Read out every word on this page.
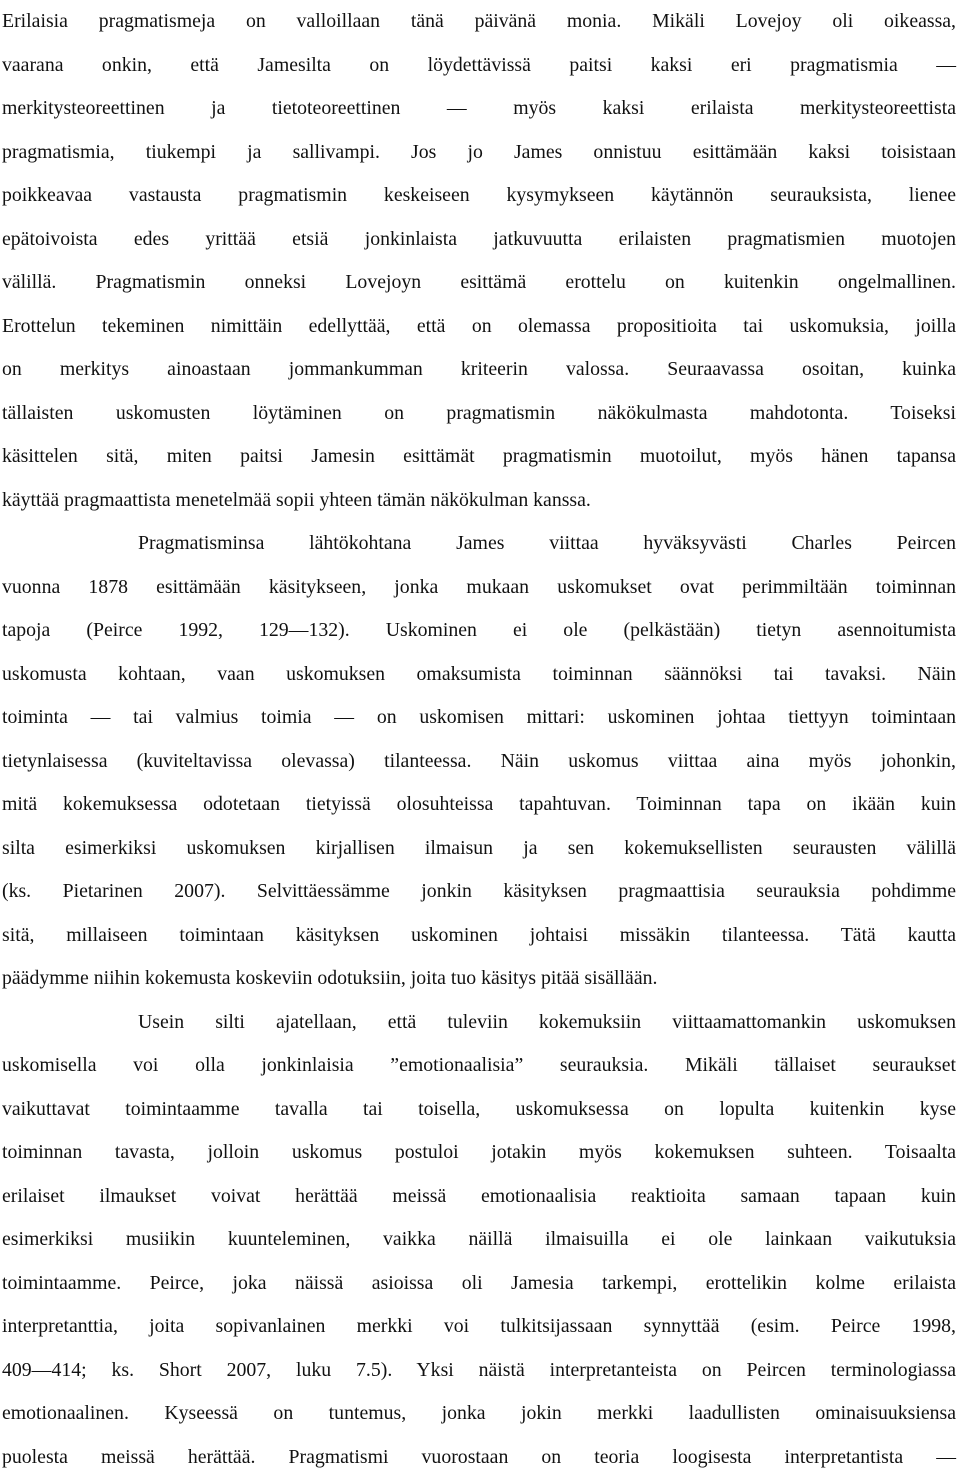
Erilaisia pragmatismeja on valloillaan tänä päivänä monia. Mikäli Lovejoy oli oikeassa,
vaarana onkin, että Jamesilta on löydettävissä paitsi kaksi eri pragmatismia —
merkitysteoreettinen ja tietoteoreettinen — myös kaksi erilaista merkitysteoreettista
pragmatismia, tiukempi ja sallivampi. Jos jo James onnistuu esittämään kaksi toisistaan
poikkeavaa vastausta pragmatismin keskeiseen kysymykseen käytännön seurauksista, lienee
epätoivoista edes yrittää etsiä jonkinlaista jatkuvuutta erilaisten pragmatismien muotojen
välillä. Pragmatismin onneksi Lovejoyn esittämä erottelu on kuitenkin ongelmallinen.
Erottelun tekeminen nimittäin edellyttää, että on olemassa propositioita tai uskomuksia, joilla
on merkitys ainoastaan jommankumman kriteerin valossa. Seuraavassa osoitan, kuinka
tällaisten uskomusten löytäminen on pragmatismin näkökulmasta mahdotonta. Toiseksi
käsittelen sitä, miten paitsi Jamesin esittämät pragmatismin muotoilut, myös hänen tapansa
käyttää pragmaattista menetelmää sopii yhteen tämän näkökulman kanssa.
Pragmatisminsa lähtökohtana James viittaa hyväksyvästi Charles Peircen
vuonna 1878 esittämään käsitykseen, jonka mukaan uskomukset ovat perimmiltään toiminnan
tapoja (Peirce 1992, 129—132). Uskominen ei ole (pelkästään) tietyn asennoitumista
uskomusta kohtaan, vaan uskomuksen omaksumista toiminnan säännöksi tai tavaksi. Näin
toiminta — tai valmius toimia — on uskomisen mittari: uskominen johtaa tiettyyn toimintaan
tietynlaisessa (kuviteltavissa olevassa) tilanteessa. Näin uskomus viittaa aina myös johonkin,
mitä kokemuksessa odotetaan tietyissä olosuhteissa tapahtuvan. Toiminnan tapa on ikään kuin
silta esimerkiksi uskomuksen kirjallisen ilmaisun ja sen kokemuksellisten seurausten välillä
(ks. Pietarinen 2007). Selvittäessämme jonkin käsityksen pragmaattisia seurauksia pohdimme
sitä, millaiseen toimintaan käsityksen uskominen johtaisi missäkin tilanteessa. Tätä kautta
päädymme niihin kokemusta koskeviin odotuksiin, joita tuo käsitys pitää sisällään.
Usein silti ajatellaan, että tuleviin kokemuksiin viittaamattomankin uskomuksen
uskomisella voi olla jonkinlaisia ”emotionaalisia” seurauksia. Mikäli tällaiset seuraukset
vaikuttavat toimintaamme tavalla tai toisella, uskomuksessa on lopulta kuitenkin kyse
toiminnan tavasta, jolloin uskomus postuloi jotakin myös kokemuksen suhteen. Toisaalta
erilaiset ilmaukset voivat herättää meissä emotionaalisia reaktioita samaan tapaan kuin
esimerkiksi musiikin kuunteleminen, vaikka näillä ilmaisuilla ei ole lainkaan vaikutuksia
toimintaamme. Peirce, joka näissä asioissa oli Jamesia tarkempi, erottelikin kolme erilaista
interpretanttia, joita sopivanlainen merkki voi tulkitsijassaan synnyttää (esim. Peirce 1998,
409—414; ks. Short 2007, luku 7.5). Yksi näistä interpretanteista on Peircen terminologiassa
emotionaalinen. Kyseessä on tuntemus, jonka jokin merkki laadullisten ominaisuuksiensa
puolesta meissä herättää. Pragmatismi vuorostaan on teoria loogisesta interpretantista —
